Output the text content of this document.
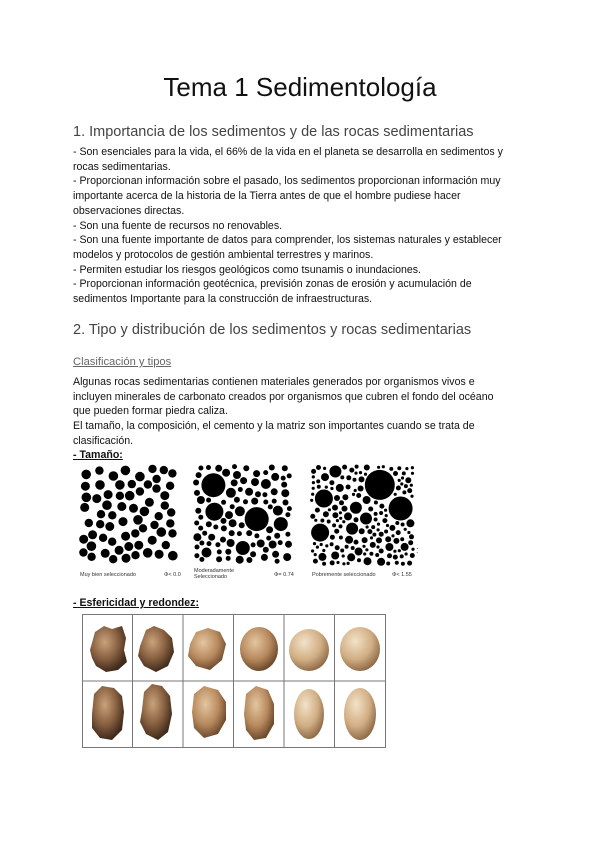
Tema 1 Sedimentología
1. Importancia de los sedimentos y de las rocas sedimentarias
- Son esenciales para la vida, el 66% de la vida en el planeta se desarrolla en sedimentos y
rocas sedimentarias.
- Proporcionan información sobre el pasado, los sedimentos proporcionan información muy
importante acerca de la historia de la Tierra antes de que el hombre pudiese hacer
observaciones directas.
- Son una fuente de recursos no renovables.
- Son una fuente importante de datos para comprender, los sistemas naturales y establecer
modelos y protocolos de gestión ambiental terrestres y marinos.
- Permiten estudiar los riesgos geológicos como tsunamis o inundaciones.
- Proporcionan información geotécnica, previsión zonas de erosión y acumulación de
sedimentos Importante para la construcción de infraestructuras.
2. Tipo y distribución de los sedimentos y rocas sedimentarias
Clasificación y tipos
Algunas rocas sedimentarias contienen materiales generados por organismos vivos e
incluyen minerales de carbonato creados por organismos que cubren el fondo del océano
que pueden formar piedra caliza.
El tamaño, la composición, el cemento y la matriz son importantes cuando se trata de
clasificación.
- Tamaño:
:
Muy bien seleccionado	Φ< 0.0
Moderadamente
Seleccionado	Φ= 0.74	Pobremente seleccionado	Φ< 1.55
- Esfericidad y redondez:
